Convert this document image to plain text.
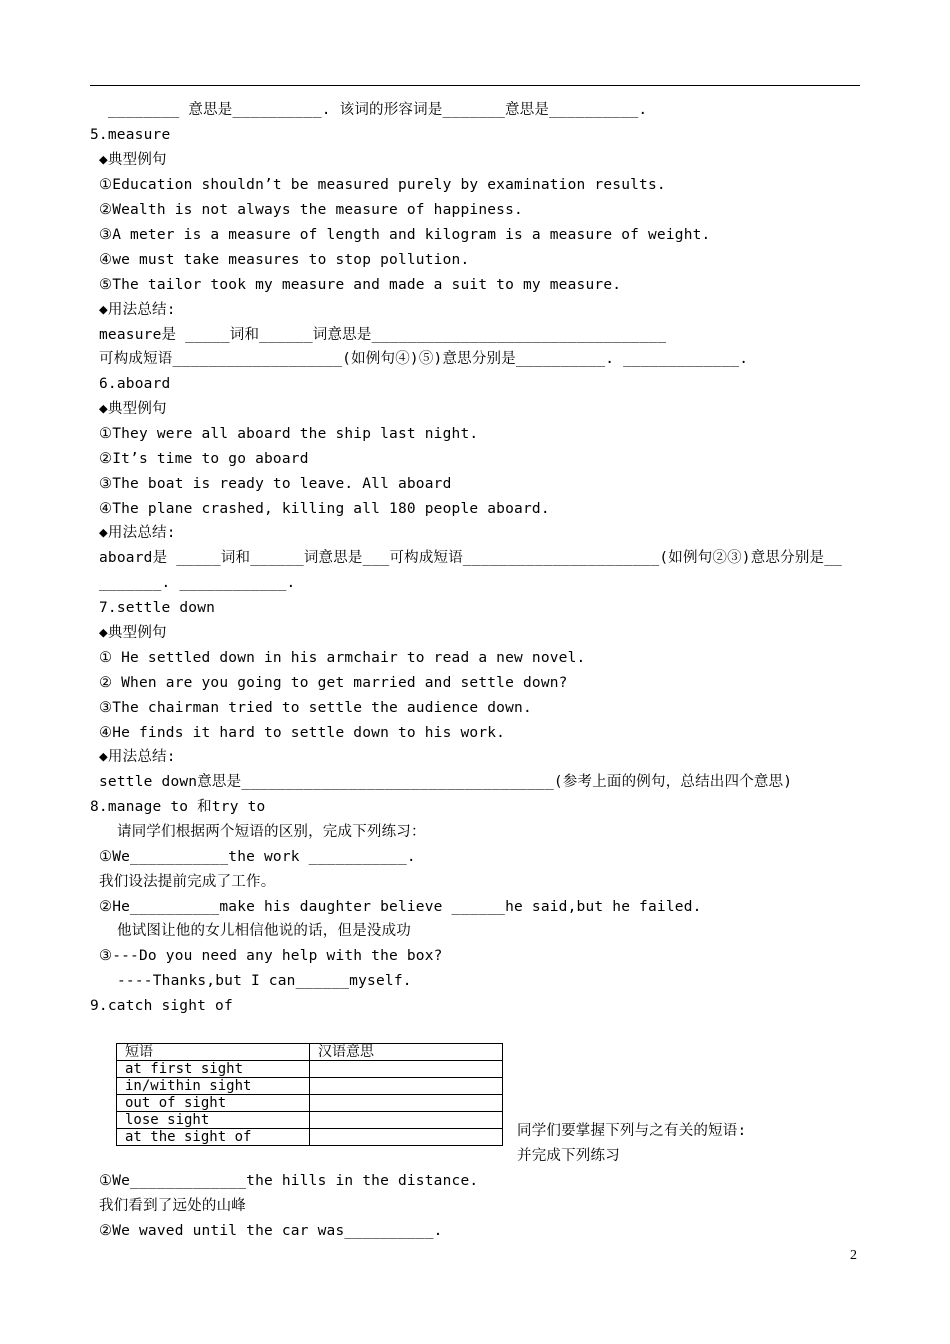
________ 意思是__________. 该词的形容词是_______意思是__________.
5.measure
◆典型例句
①Education shouldn’t be measured purely by examination results.
②Wealth is not always the measure of happiness.
③A meter is a measure of length and kilogram is a measure of weight.
④we must take measures to stop pollution.
⑤The tailor took my measure and made a suit to my measure.
◆用法总结:
measure是 _____词和______词意思是_________________________________
可构成短语___________________(如例句④)⑤)意思分别是__________. _____________.
6.aboard
◆典型例句
①They were all aboard the ship last night.
②It’s time to go aboard
③The boat is ready to leave. All aboard
④The plane crashed, killing all 180 people aboard.
◆用法总结:
aboard是 _____词和______词意思是___可构成短语______________________(如例句②③)意思分别是__
_______. ____________.
7.settle down
◆典型例句
① He settled down in his armchair to read a new novel.
② When are you going to get married and settle down?
③The chairman tried to settle the audience down.
④He finds it hard to settle down to his work.
◆用法总结:
settle down意思是___________________________________(参考上面的例句，总结出四个意思)
8.manage to 和try to
请同学们根据两个短语的区别，完成下列练习：
①We___________the work ___________.
我们设法提前完成了工作。
②He__________make his daughter believe ______he said,but he failed.
他试图让他的女儿相信他说的话，但是没成功
③---Do you need any help with the box?
----Thanks,but I can______myself.
9.catch sight of
同学们要掌握下列与之有关的短语:
并完成下列练习
①We_____________the hills in the distance.
我们看到了远处的山峰
②We waved until the car was__________.
短语	汉语意思
at first sight	
in/within sight	
out of sight	
lose sight	
at the sight of	
2
